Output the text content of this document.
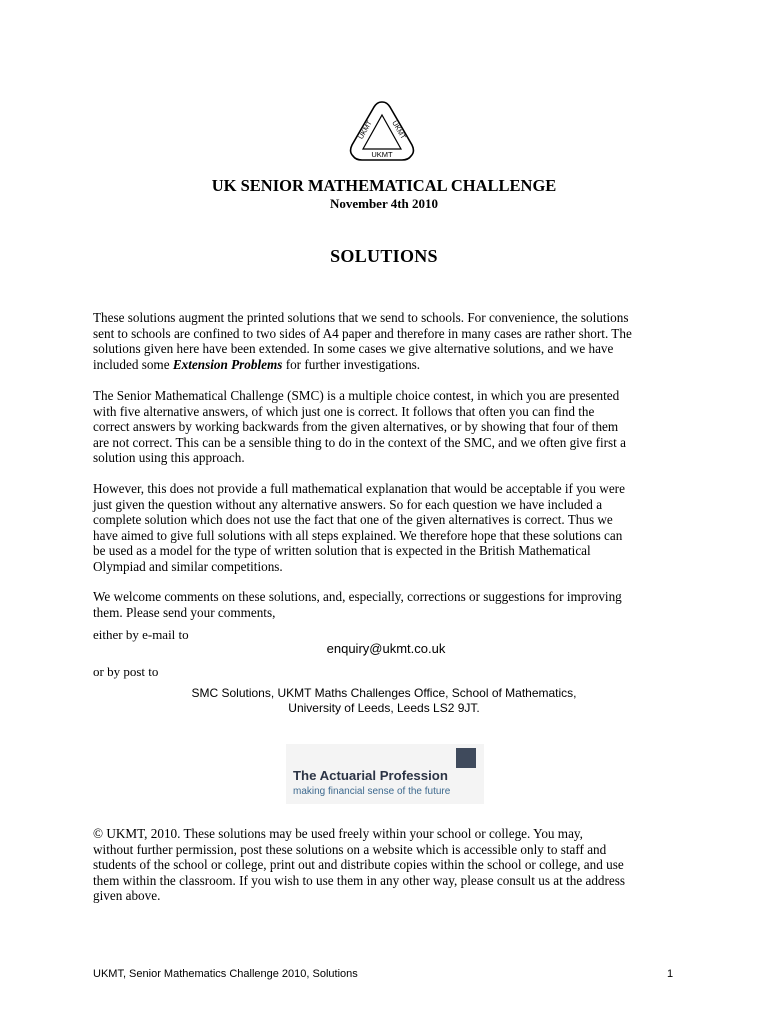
UKMT UKMT
UKMT
UK SENIOR MATHEMATICAL CHALLENGE
November 4th 2010
SOLUTIONS
These solutions augment the printed solutions that we send to schools. For convenience, the solutions
sent to schools are confined to two sides of A4 paper and therefore in many cases are rather short. The
solutions given here have been extended. In some cases we give alternative solutions, and we have
included some Extension Problems for further investigations.
The Senior Mathematical Challenge (SMC) is a multiple choice contest, in which you are presented
with five alternative answers, of which just one is correct. It follows that often you can find the
correct answers by working backwards from the given alternatives, or by showing that four of them
are not correct. This can be a sensible thing to do in the context of the SMC, and we often give first a
solution using this approach.
However, this does not provide a full mathematical explanation that would be acceptable if you were
just given the question without any alternative answers. So for each question we have included a
complete solution which does not use the fact that one of the given alternatives is correct. Thus we
have aimed to give full solutions with all steps explained. We therefore hope that these solutions can
be used as a model for the type of written solution that is expected in the British Mathematical
Olympiad and similar competitions.
We welcome comments on these solutions, and, especially, corrections or suggestions for improving
them. Please send your comments,
either by e-mail to
enquiry@ukmt.co.uk
or by post to
SMC Solutions, UKMT Maths Challenges Office, School of Mathematics,
University of Leeds, Leeds LS2 9JT.
The Actuarial Profession
making financial sense of the future
© UKMT, 2010. These solutions may be used freely within your school or college. You may,
without further permission, post these solutions on a website which is accessible only to staff and
students of the school or college, print out and distribute copies within the school or college, and use
them within the classroom. If you wish to use them in any other way, please consult us at the address
given above.
UKMT, Senior Mathematics Challenge 2010, Solutions	1
